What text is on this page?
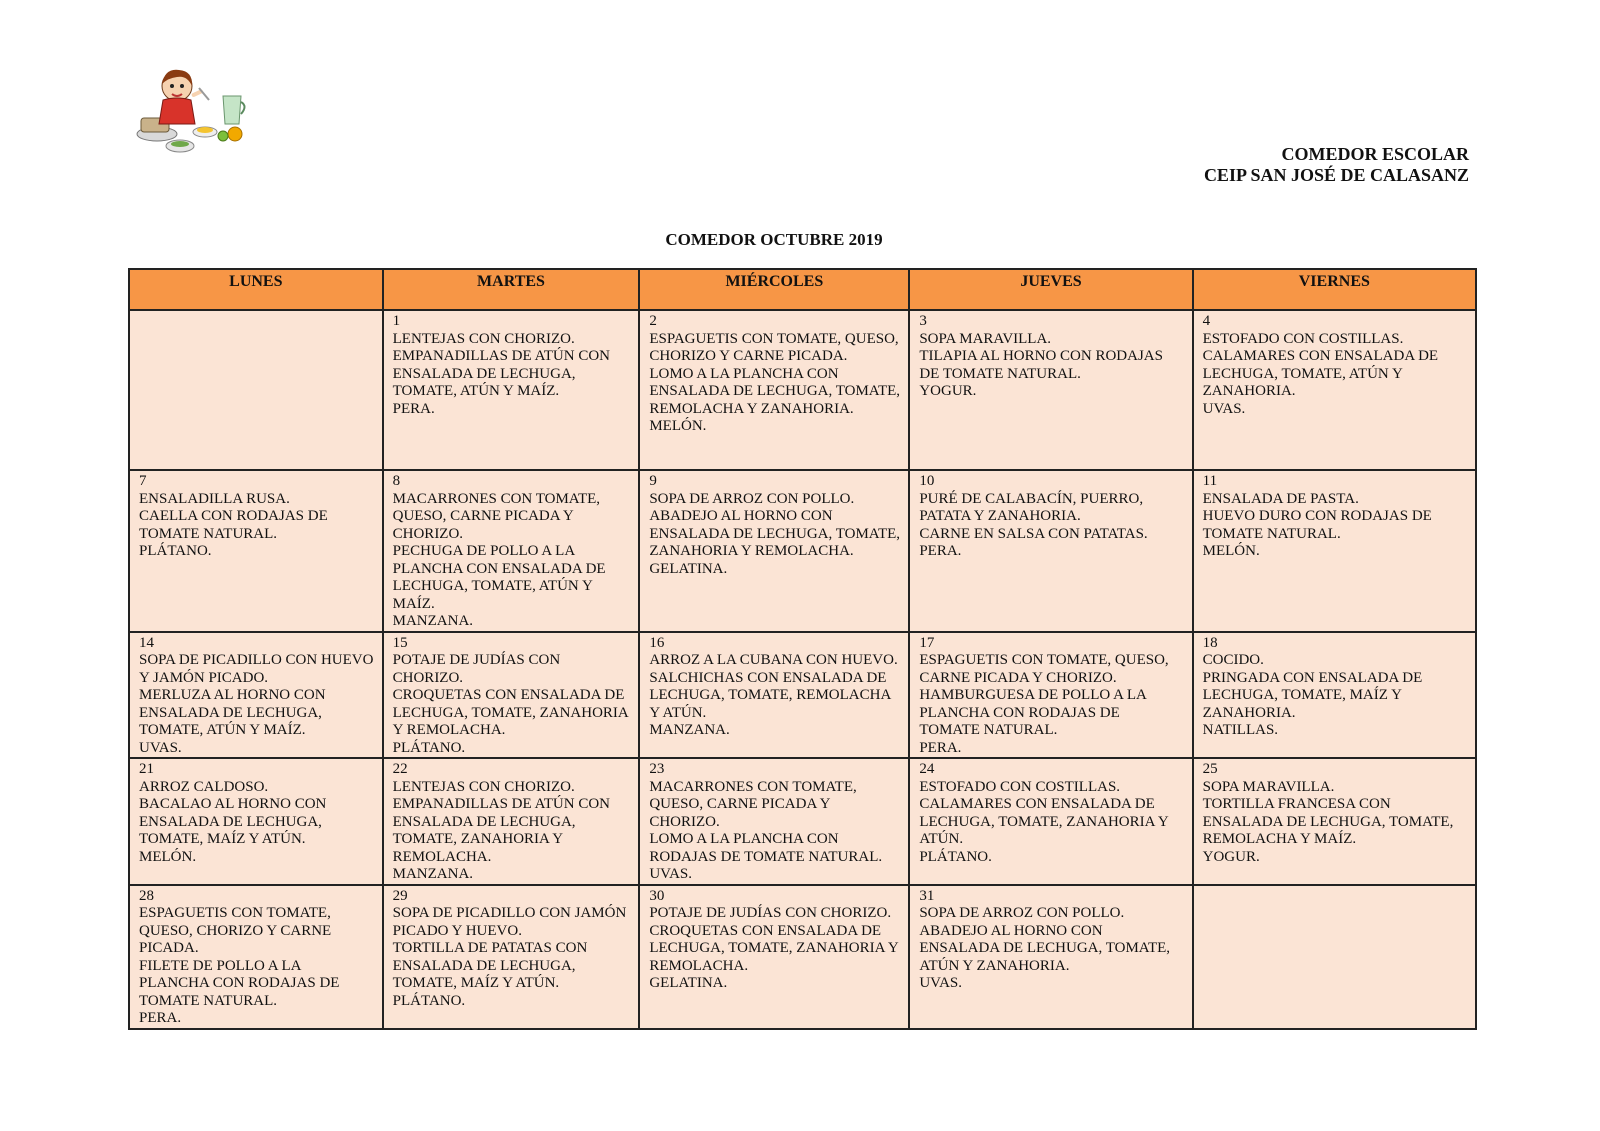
COMEDOR ESCOLAR
CEIP SAN JOSÉ DE CALASANZ
COMEDOR OCTUBRE 2019
LUNES	MARTES	MIÉRCOLES	JUEVES	VIERNES

	1
LENTEJAS CON CHORIZO.
EMPANADILLAS DE ATÚN CON ENSALADA DE LECHUGA, TOMATE, ATÚN Y MAÍZ.
PERA.	2
ESPAGUETIS CON TOMATE, QUESO, CHORIZO Y CARNE PICADA.
LOMO A LA PLANCHA CON ENSALADA DE LECHUGA, TOMATE, REMOLACHA Y ZANAHORIA.
MELÓN.	3
SOPA MARAVILLA.
TILAPIA AL HORNO CON RODAJAS DE TOMATE NATURAL.
YOGUR.	4
ESTOFADO CON COSTILLAS.
CALAMARES CON ENSALADA DE LECHUGA, TOMATE, ATÚN Y ZANAHORIA.
UVAS.

7
ENSALADILLA RUSA.
CAELLA CON RODAJAS DE TOMATE NATURAL.
PLÁTANO.	8
MACARRONES CON TOMATE, QUESO, CARNE PICADA Y CHORIZO.
PECHUGA DE POLLO A LA PLANCHA CON ENSALADA DE LECHUGA, TOMATE, ATÚN Y MAÍZ.
MANZANA.	9
SOPA DE ARROZ CON POLLO.
ABADEJO AL HORNO CON ENSALADA DE LECHUGA, TOMATE, ZANAHORIA Y REMOLACHA.
GELATINA.	10
PURÉ DE CALABACÍN, PUERRO, PATATA Y ZANAHORIA.
CARNE EN SALSA CON PATATAS.
PERA.	11
ENSALADA DE PASTA.
HUEVO DURO CON RODAJAS DE TOMATE NATURAL.
MELÓN.

14
SOPA DE PICADILLO CON HUEVO Y JAMÓN PICADO.
MERLUZA AL HORNO CON ENSALADA DE LECHUGA, TOMATE, ATÚN Y MAÍZ.
UVAS.	15
POTAJE DE JUDÍAS CON CHORIZO.
CROQUETAS CON ENSALADA DE LECHUGA, TOMATE, ZANAHORIA Y REMOLACHA.
PLÁTANO.	16
ARROZ A LA CUBANA CON HUEVO.
SALCHICHAS CON ENSALADA DE LECHUGA, TOMATE, REMOLACHA Y ATÚN.
MANZANA.	17
ESPAGUETIS CON TOMATE, QUESO, CARNE PICADA Y CHORIZO.
HAMBURGUESA DE POLLO A LA PLANCHA CON RODAJAS DE TOMATE NATURAL.
PERA.	18
COCIDO.
PRINGADA CON ENSALADA DE LECHUGA, TOMATE, MAÍZ Y ZANAHORIA.
NATILLAS.

21
ARROZ CALDOSO.
BACALAO AL HORNO CON ENSALADA DE LECHUGA, TOMATE, MAÍZ Y ATÚN.
MELÓN.	22
LENTEJAS CON CHORIZO.
EMPANADILLAS DE ATÚN CON ENSALADA DE LECHUGA, TOMATE, ZANAHORIA Y REMOLACHA.
MANZANA.	23
MACARRONES CON TOMATE, QUESO, CARNE PICADA Y CHORIZO.
LOMO A LA PLANCHA CON RODAJAS DE TOMATE NATURAL.
UVAS.	24
ESTOFADO CON COSTILLAS.
CALAMARES CON ENSALADA DE LECHUGA, TOMATE, ZANAHORIA Y ATÚN.
PLÁTANO.	25
SOPA MARAVILLA.
TORTILLA FRANCESA CON ENSALADA DE LECHUGA, TOMATE, REMOLACHA Y MAÍZ.
YOGUR.

28
ESPAGUETIS CON TOMATE, QUESO, CHORIZO Y CARNE PICADA.
FILETE DE POLLO A LA PLANCHA CON RODAJAS DE TOMATE NATURAL.
PERA.	29
SOPA DE PICADILLO CON JAMÓN PICADO Y HUEVO.
TORTILLA DE PATATAS CON ENSALADA DE LECHUGA, TOMATE, MAÍZ Y ATÚN.
PLÁTANO.	30
POTAJE DE JUDÍAS CON CHORIZO.
CROQUETAS CON ENSALADA DE LECHUGA, TOMATE, ZANAHORIA Y REMOLACHA.
GELATINA.	31
SOPA DE ARROZ CON POLLO.
ABADEJO AL HORNO CON ENSALADA DE LECHUGA, TOMATE, ATÚN Y ZANAHORIA.
UVAS.	
